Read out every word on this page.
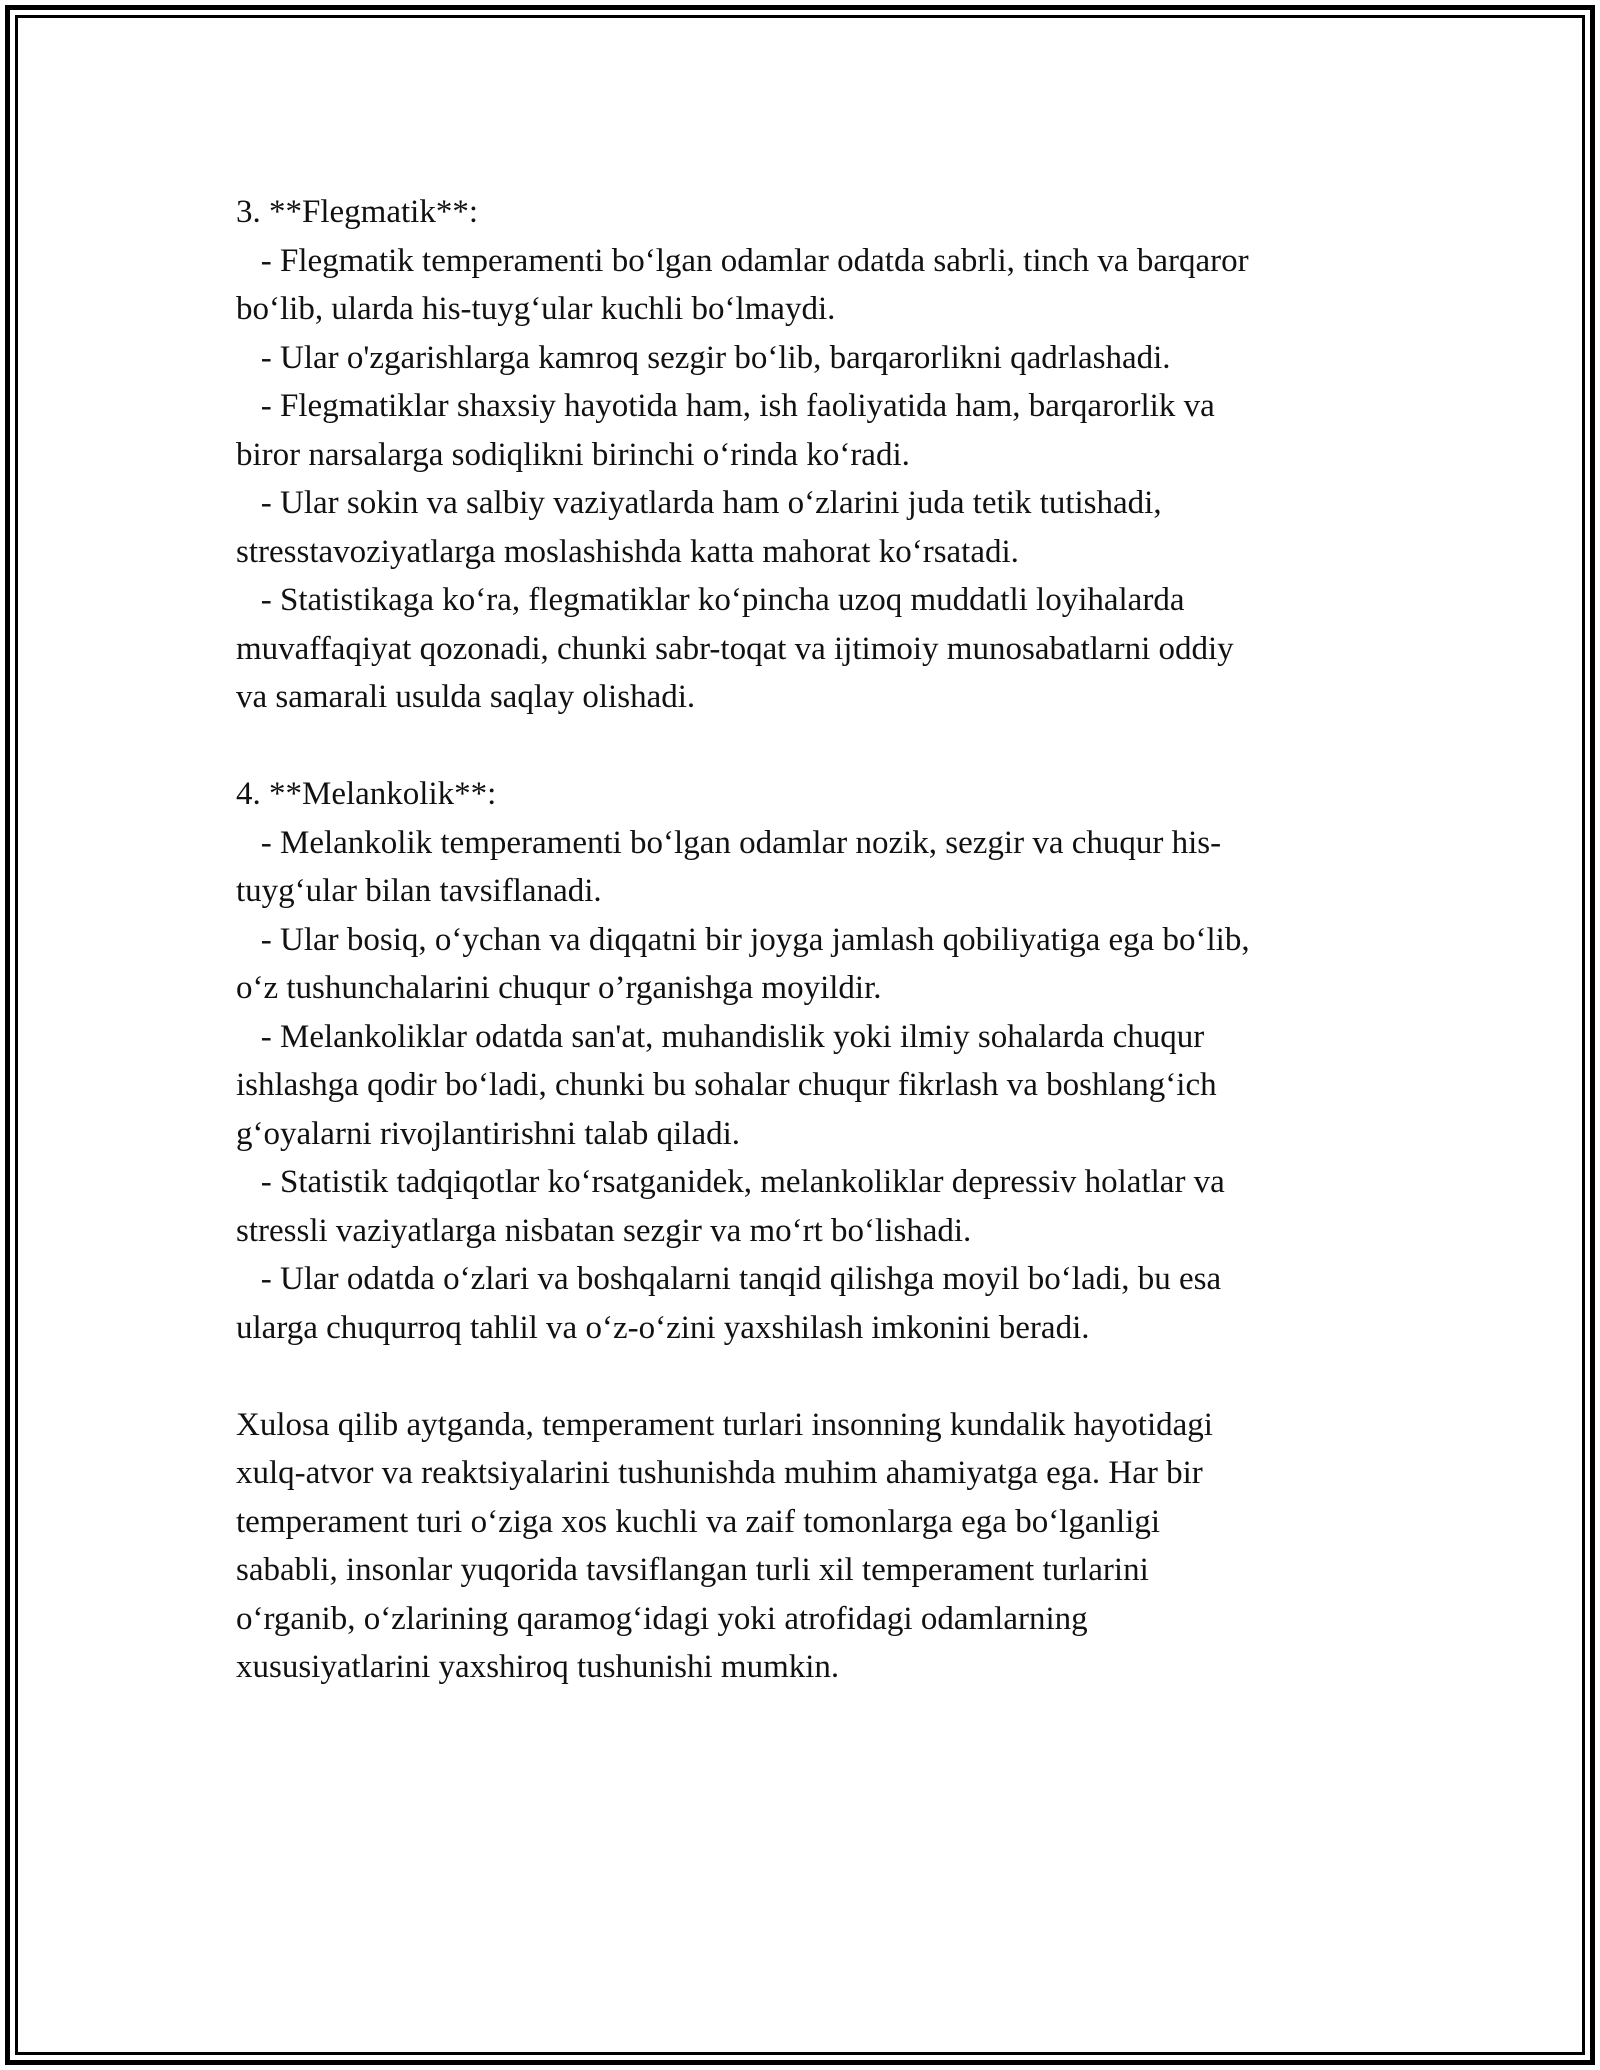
3. **Flegmatik**:
- Flegmatik temperamenti bo‘lgan odamlar odatda sabrli, tinch va barqaror
bo‘lib, ularda his-tuyg‘ular kuchli bo‘lmaydi.
- Ular o'zgarishlarga kamroq sezgir bo‘lib, barqarorlikni qadrlashadi.
- Flegmatiklar shaxsiy hayotida ham, ish faoliyatida ham, barqarorlik va
biror narsalarga sodiqlikni birinchi o‘rinda ko‘radi.
- Ular sokin va salbiy vaziyatlarda ham o‘zlarini juda tetik tutishadi,
stresstavoziyatlarga moslashishda katta mahorat ko‘rsatadi.
- Statistikaga ko‘ra, flegmatiklar ko‘pincha uzoq muddatli loyihalarda
muvaffaqiyat qozonadi, chunki sabr-toqat va ijtimoiy munosabatlarni oddiy
va samarali usulda saqlay olishadi.
4. **Melankolik**:
- Melankolik temperamenti bo‘lgan odamlar nozik, sezgir va chuqur his-
tuyg‘ular bilan tavsiflanadi.
- Ular bosiq, o‘ychan va diqqatni bir joyga jamlash qobiliyatiga ega bo‘lib,
o‘z tushunchalarini chuqur o’rganishga moyildir.
- Melankoliklar odatda san'at, muhandislik yoki ilmiy sohalarda chuqur
ishlashga qodir bo‘ladi, chunki bu sohalar chuqur fikrlash va boshlang‘ich
g‘oyalarni rivojlantirishni talab qiladi.
- Statistik tadqiqotlar ko‘rsatganidek, melankoliklar depressiv holatlar va
stressli vaziyatlarga nisbatan sezgir va mo‘rt bo‘lishadi.
- Ular odatda o‘zlari va boshqalarni tanqid qilishga moyil bo‘ladi, bu esa
ularga chuqurroq tahlil va o‘z-o‘zini yaxshilash imkonini beradi.
Xulosa qilib aytganda, temperament turlari insonning kundalik hayotidagi
xulq-atvor va reaktsiyalarini tushunishda muhim ahamiyatga ega. Har bir
temperament turi o‘ziga xos kuchli va zaif tomonlarga ega bo‘lganligi
sababli, insonlar yuqorida tavsiflangan turli xil temperament turlarini
o‘rganib, o‘zlarining qaramog‘idagi yoki atrofidagi odamlarning
xususiyatlarini yaxshiroq tushunishi mumkin.
